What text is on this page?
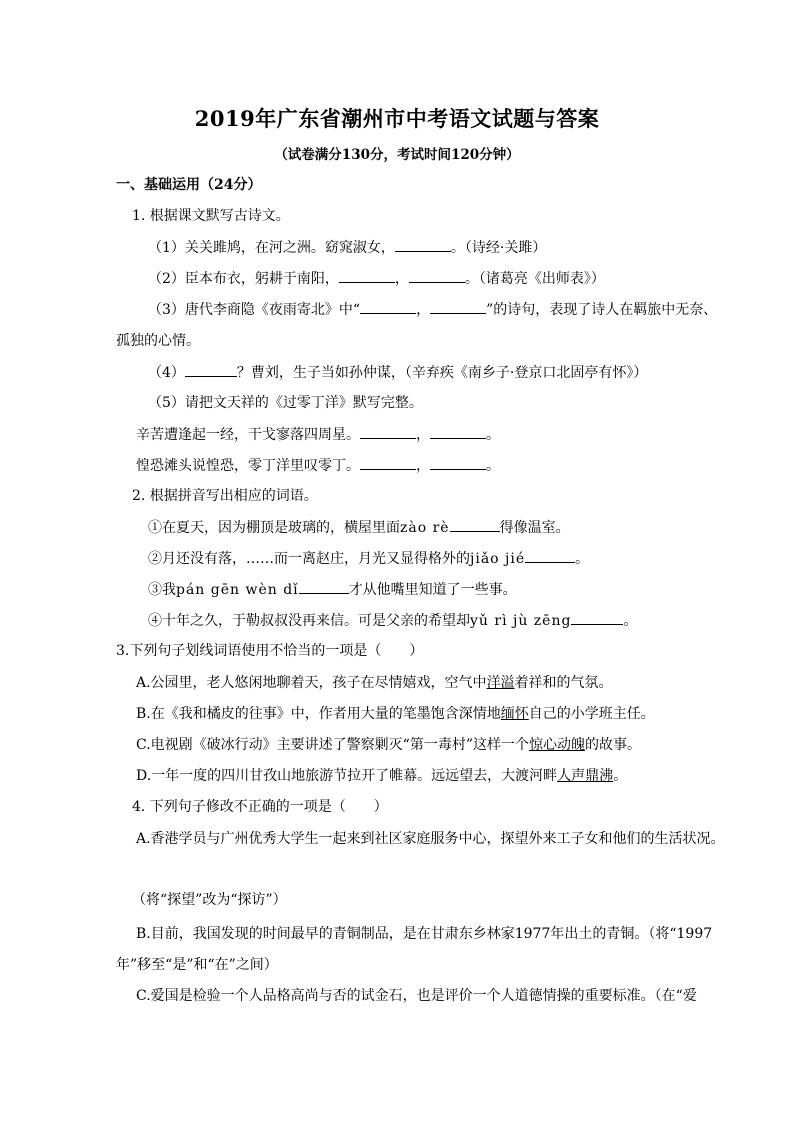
2019年广东省潮州市中考语文试题与答案
（试卷满分130分，考试时间120分钟）
一、基础运用（24分）
1. 根据课文默写古诗文。
（1）关关雎鸠，在河之洲。窈窕淑女，	。（诗经·关雎）
（2）臣本布衣，躬耕于南阳，	，	。（诸葛亮《出师表》）
（3）唐代李商隐《夜雨寄北》中“	，	”的诗句，表现了诗人在羁旅中无奈、
孤独的心情。
（4）	？曹刘，生子当如孙仲谋，（辛弃疾《南乡子·登京口北固亭有怀》）
（5）请把文天祥的《过零丁洋》默写完整。
辛苦遭逢起一经，干戈寥落四周星。	，	。
惶恐滩头说惶恐，零丁洋里叹零丁。	，	。
2. 根据拼音写出相应的词语。
①在夏天，因为棚顶是玻璃的，横屋里面zào rè	得像温室。
②月还没有落，……而一离赵庄，月光又显得格外的jiǎo jié	。
③我pán gēn wèn dǐ	才从他嘴里知道了一些事。
④十年之久，于勒叔叔没再来信。可是父亲的希望却yǔ rì jù zēng	。
3.下列句子划线词语使用不恰当的一项是（　　）
A.公园里，老人悠闲地聊着天，孩子在尽情嬉戏，空气中洋溢着祥和的气氛。
B.在《我和橘皮的往事》中，作者用大量的笔墨饱含深情地缅怀自己的小学班主任。
C.电视剧《破冰行动》主要讲述了警察剿灭“第一毒村”这样一个惊心动魄的故事。
D.一年一度的四川甘孜山地旅游节拉开了帷幕。远远望去，大渡河畔人声鼎沸。
4. 下列句子修改不正确的一项是（　　）
A.香港学员与广州优秀大学生一起来到社区家庭服务中心，探望外来工子女和他们的生活状况。
（将“探望”改为“探访”）
B.目前，我国发现的时间最早的青铜制品，是在甘肃东乡林家1977年出土的青铜。（将“1997
年”移至“是”和“在”之间）
C.爱国是检验一个人品格高尚与否的试金石，也是评价一个人道德情操的重要标准。（在“爱
